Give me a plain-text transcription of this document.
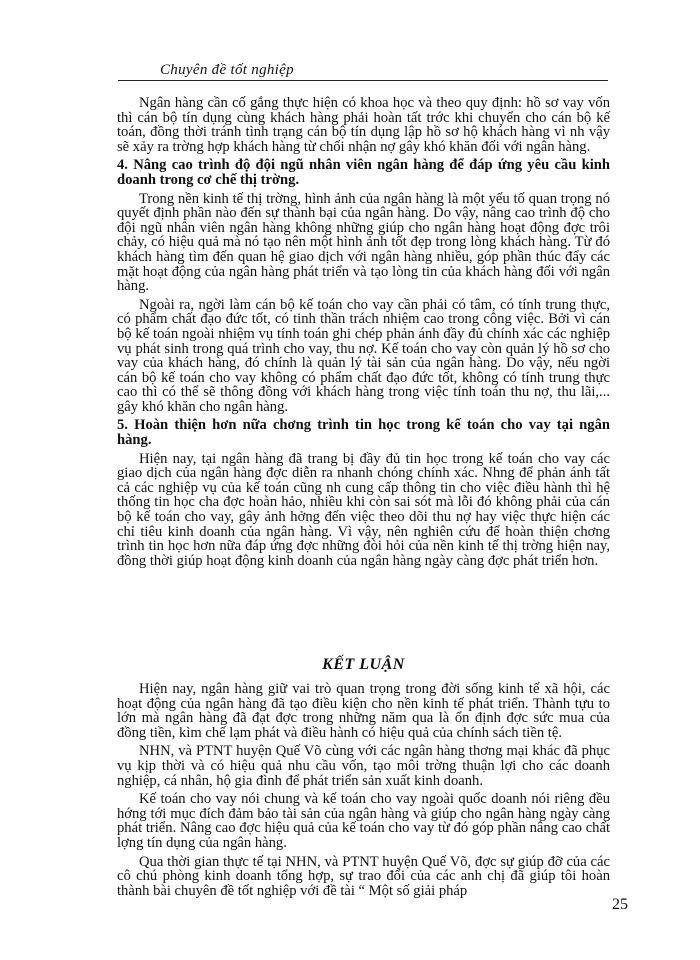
Chuyên đề tốt nghiệp

Ngân hàng cần cố gắng thực hiện có khoa học và theo quy định: hồ sơ vay vốn thì cán bộ tín dụng cùng khách hàng phải hoàn tất trớc khi chuyển cho cán bộ kế toán, đồng thời tránh tình trạng cán bộ tín dụng lập hồ sơ hộ khách hàng vì nh vậy sẽ xảy ra trờng hợp khách hàng từ chối nhận nợ gây khó khăn đối với ngân hàng.

4. Nâng cao trình độ đội ngũ nhân viên ngân hàng để đáp ứng yêu cầu kinh doanh trong cơ chế thị trờng.

Trong nền kinh tế thị trờng, hình ảnh của ngân hàng là một yếu tố quan trọng nó quyết định phần nào đến sự thành bại của ngân hàng. Do vậy, nâng cao trình độ cho đội ngũ nhân viên ngân hàng không những giúp cho ngân hàng hoạt động đợc trôi chảy, có hiệu quả mà nó tạo nên một hình ảnh tốt đẹp trong lòng khách hàng. Từ đó khách hàng tìm đến quan hệ giao dịch với ngân hàng nhiều, góp phần thúc đẩy các mặt hoạt động của ngân hàng phát triển và tạo lòng tin của khách hàng đối với ngân hàng.

Ngoài ra, ngời làm cán bộ kế toán cho vay cần phải có tâm, có tính trung thực, có phẩm chất đạo đức tốt, có tinh thần trách nhiệm cao trong công việc. Bởi vì cán bộ kế toán ngoài nhiệm vụ tính toán ghi chép phản ánh đầy đủ chính xác các nghiệp vụ phát sinh trong quá trình cho vay, thu nợ. Kế toán cho vay còn quản lý hồ sơ cho vay của khách hàng, đó chính là quản lý tài sản của ngân hàng. Do vậy, nếu ngời cán bộ kế toán cho vay không có phẩm chất đạo đức tốt, không có tính trung thực cao thì có thể sẽ thông đồng với khách hàng trong việc tính toán thu nợ, thu lãi,... gây khó khăn cho ngân hàng.

5. Hoàn thiện hơn nữa chơng trình tin học trong kế toán cho vay tại ngân hàng.

Hiện nay, tại ngân hàng đã trang bị đầy đủ tin học trong kế toán cho vay các giao dịch của ngân hàng đợc diễn ra nhanh chóng chính xác. Nhng để phản ánh tất cả các nghiệp vụ của kế toán cũng nh cung cấp thông tin cho việc điều hành thì hệ thống tin học cha đợc hoàn hảo, nhiều khi còn sai sót mà lỗi đó không phải của cán bộ kế toán cho vay, gây ảnh hởng đến việc theo dõi thu nợ hay việc thực hiện các chỉ tiêu kinh doanh của ngân hàng. Vì vậy, nên nghiên cứu để hoàn thiện chơng trình tin học hơn nữa đáp ứng đợc những đòi hỏi của nền kinh tế thị trờng hiện nay, đồng thời giúp hoạt động kinh doanh của ngân hàng ngày càng đợc phát triển hơn.

KẾT LUẬN

Hiện nay, ngân hàng giữ vai trò quan trọng trong đời sống kinh tế xã hội, các hoạt động của ngân hàng đã tạo điều kiện cho nền kinh tế phát triển. Thành tựu to lớn mà ngân hàng đã đạt đợc trong những năm qua là ổn định đợc sức mua của đồng tiền, kìm chế lạm phát và điều hành có hiệu quả của chính sách tiền tệ.

NHN, và PTNT huyện Quế Võ cùng với các ngân hàng thơng mại khác đã phục vụ kịp thời và có hiệu quả nhu cầu vốn, tạo môi trờng thuận lợi cho các doanh nghiệp, cá nhân, hộ gia đình để phát triển sản xuất kinh doanh.

Kế toán cho vay nói chung và kế toán cho vay ngoài quốc doanh nói riêng đều hớng tới mục đích đảm bảo tài sản của ngân hàng và giúp cho ngân hàng ngày càng phát triển. Nâng cao đợc hiệu quả của kế toán cho vay từ đó góp phần nâng cao chất lợng tín dụng của ngân hàng.

Qua thời gian thực tế tại NHN, và PTNT huyện Quế Võ, đợc sự giúp đỡ của các cô chú phòng kinh doanh tổng hợp, sự trao đổi của các anh chị đã giúp tôi hoàn thành bài chuyên đề tốt nghiệp với đề tài “ Một số giải pháp

25
